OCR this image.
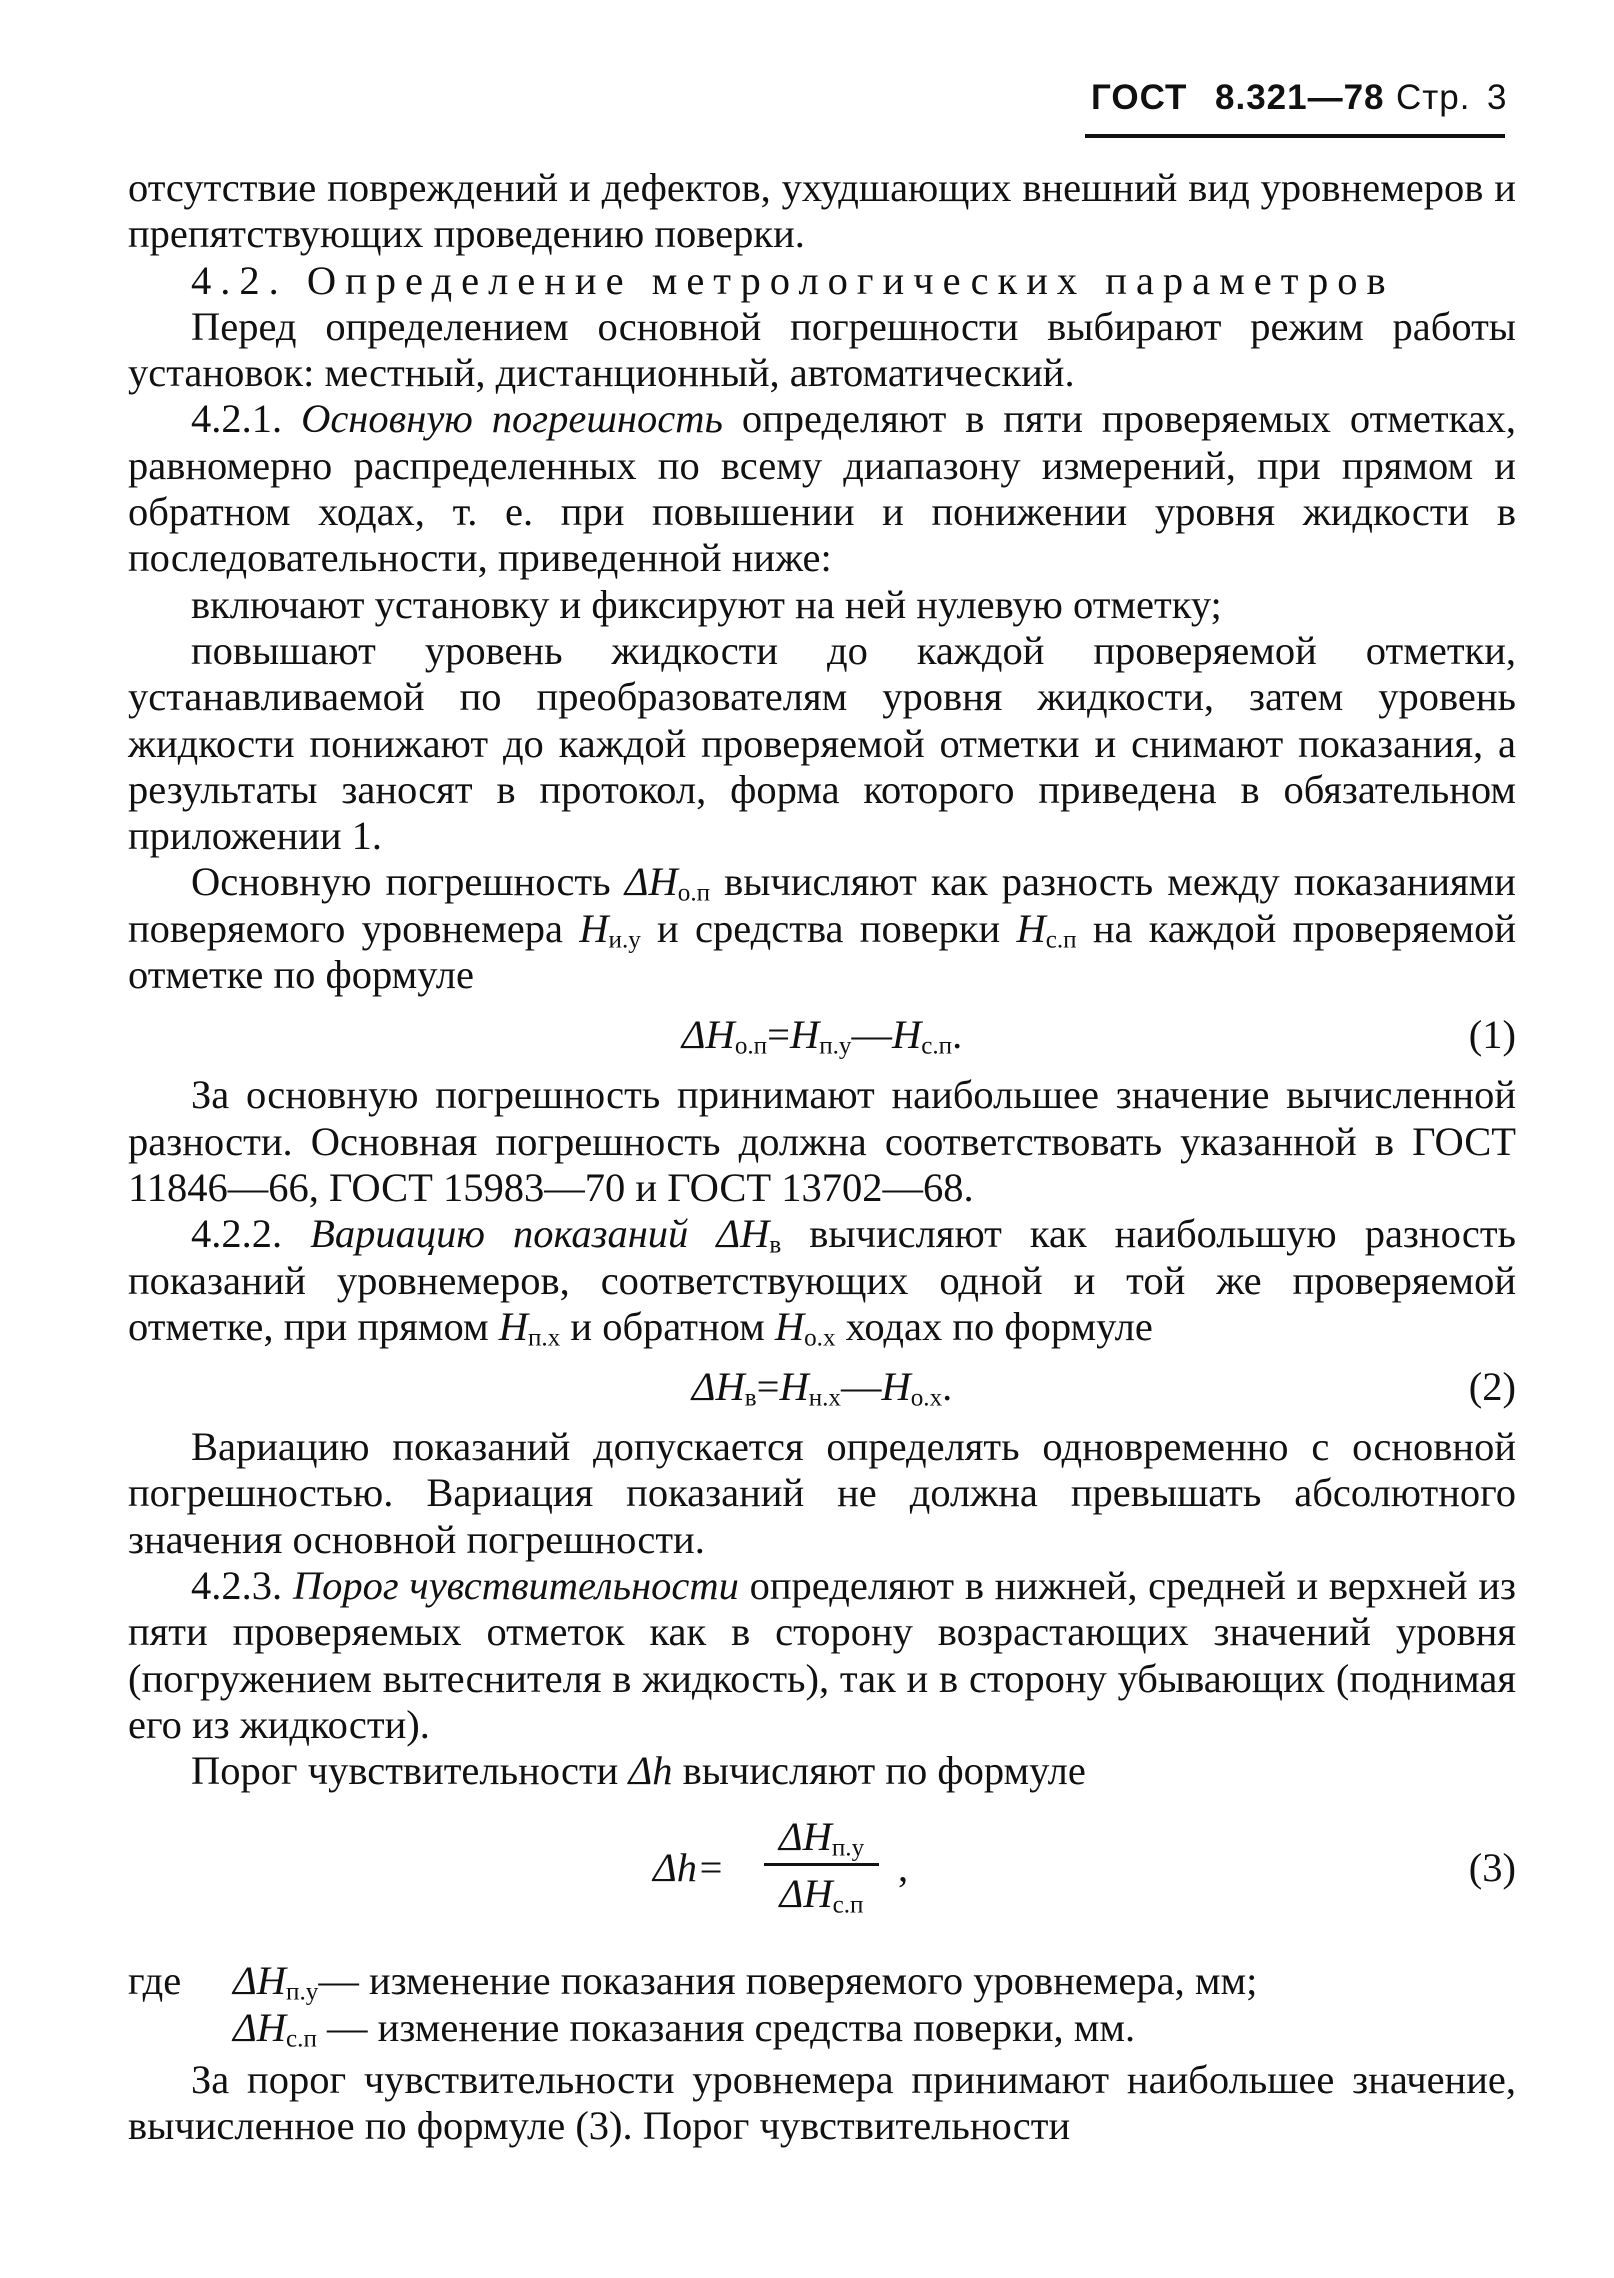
ГОСТ 8.321—78 Стр. 3

отсутствие повреждений и дефектов, ухудшающих внешний вид уровнемеров и препятствующих проведению поверки.

4.2. Определение метрологических параметров

Перед определением основной погрешности выбирают режим работы установок: местный, дистанционный, автоматический.

4.2.1. Основную погрешность определяют в пяти проверяемых отметках, равномерно распределенных по всему диапазону измерений, при прямом и обратном ходах, т. е. при повышении и понижении уровня жидкости в последовательности, приведенной ниже:

включают установку и фиксируют на ней нулевую отметку;

повышают уровень жидкости до каждой проверяемой отметки, устанавливаемой по преобразователям уровня жидкости, затем уровень жидкости понижают до каждой проверяемой отметки и снимают показания, а результаты заносят в протокол, форма которого приведена в обязательном приложении 1.

Основную погрешность $\Delta H_{о.п}$ вычисляют как разность между показаниями поверяемого уровнемера $H_{и.у}$ и средства поверки $H_{с.п}$ на каждой проверяемой отметке по формуле

$\Delta H_{о.п}=H_{п.у}—H_{с.п}$.	(1)

За основную погрешность принимают наибольшее значение вычисленной разности. Основная погрешность должна соответствовать указанной в ГОСТ 11846—66, ГОСТ 15983—70 и ГОСТ 13702—68.

4.2.2. Вариацию показаний $\Delta H_в$ вычисляют как наибольшую разность показаний уровнемеров, соответствующих одной и той же проверяемой отметке, при прямом $H_{п.х}$ и обратном $H_{о.х}$ ходах по формуле

$\Delta H_в=H_{н.х}—H_{о.х}$.	(2)

Вариацию показаний допускается определять одновременно с основной погрешностью. Вариация показаний не должна превышать абсолютного значения основной погрешности.

4.2.3. Порог чувствительности определяют в нижней, средней и верхней из пяти проверяемых отметок как в сторону возрастающих значений уровня (погружением вытеснителя в жидкость), так и в сторону убывающих (поднимая его из жидкости).

Порог чувствительности Δh вычисляют по формуле

Δh=
$\Delta H_{п.у}$
$\Delta H_{с.п}$
,	(3)
где	$\Delta H_{п.у}—$ изменение показания поверяемого уровнемера, мм;
$\Delta H_{с.п}$ — изменение показания средства поверки, мм.

За порог чувствительности уровнемера принимают наибольшее значение, вычисленное по формуле (3). Порог чувствительности
